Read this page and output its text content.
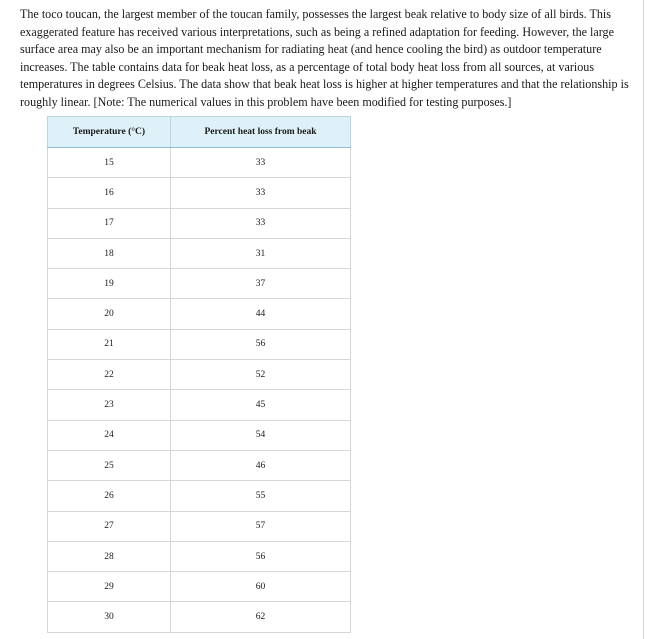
The toco toucan, the largest member of the toucan family, possesses the largest beak relative to body size of all birds. This exaggerated feature has received various interpretations, such as being a refined adaptation for feeding. However, the large surface area may also be an important mechanism for radiating heat (and hence cooling the bird) as outdoor temperature increases. The table contains data for beak heat loss, as a percentage of total body heat loss from all sources, at various temperatures in degrees Celsius. The data show that beak heat loss is higher at higher temperatures and that the relationship is roughly linear. [Note: The numerical values in this problem have been modified for testing purposes.]

Temperature (°C)	Percent heat loss from beak
15	33
16	33
17	33
18	31
19	37
20	44
21	56
22	52
23	45
24	54
25	46
26	55
27	57
28	56
29	60
30	62
